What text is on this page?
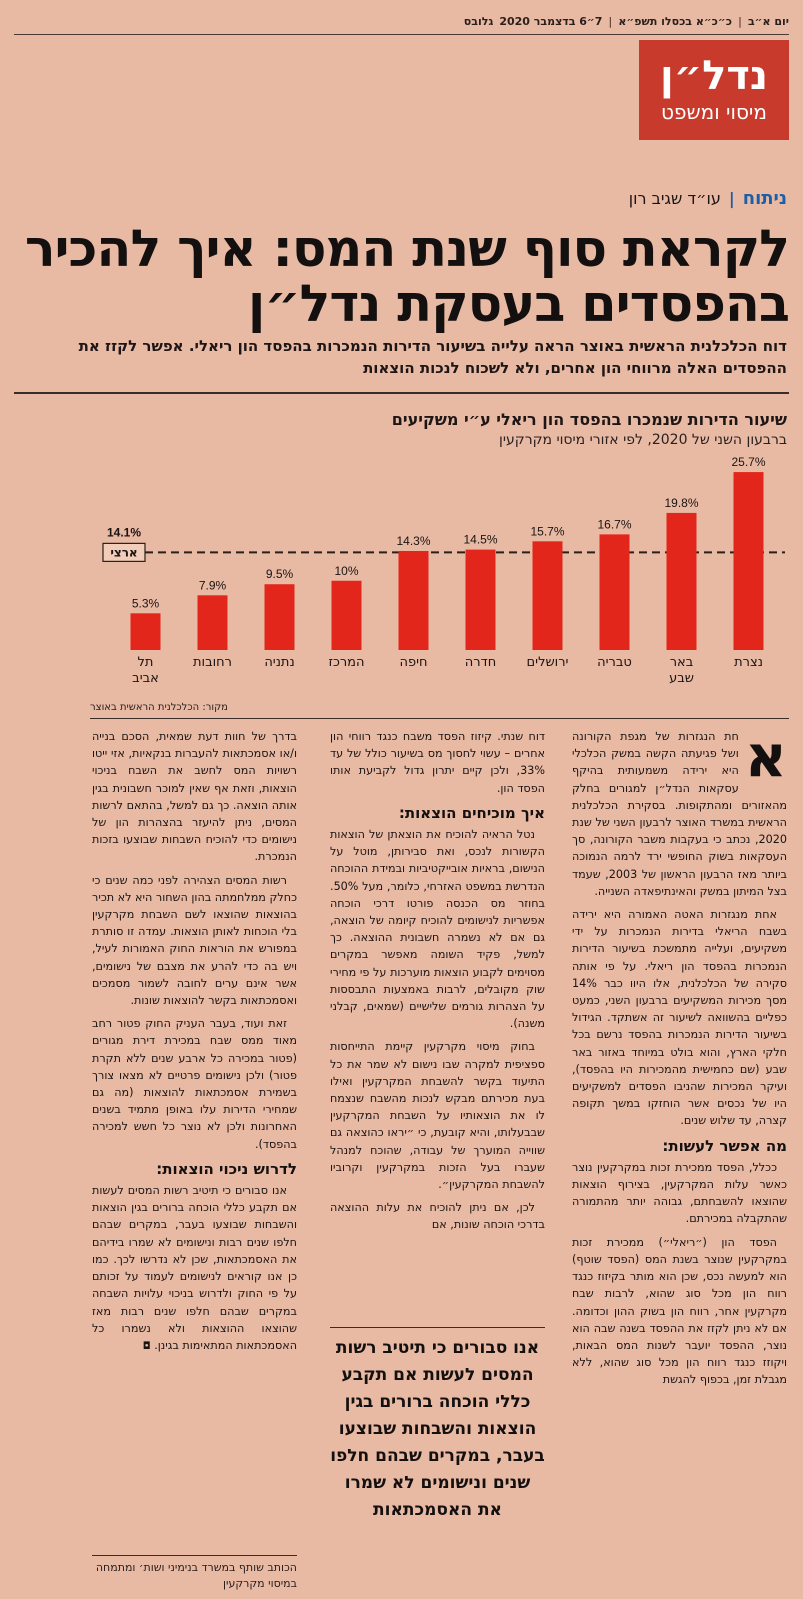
יום א״ב
|
כ״כ״א בכסלו תשפ״א
|
7״6 בדצמבר 2020
גלובס
נדל״ן
מיסוי ומשפט
ניתוח
|
עו״ד שגיב רון
לקראת סוף שנת המס: איך להכיר בהפסדים בעסקת נדל״ן
דוח הכלכלנית הראשית באוצר הראה עלייה בשיעור הדירות הנמכרות בהפסד הון ריאלי. אפשר לקזז את ההפסדים האלה מרווחי הון אחרים, ולא לשכוח לנכות הוצאות
שיעור הדירות שנמכרו בהפסד הון ריאלי ע״י משקיעים
ברבעון השני של 2020, לפי אזורי מיסוי מקרקעין
25.7%
נצרת
19.8%
באר
שבע
16.7%
טבריה
15.7%
ירושלים
14.5%
חדרה
14.3%
חיפה
10%
המרכז
9.5%
נתניה
7.9%
רחובות
5.3%
תל
אביב
ארצי
14.1%
מקור: הכלכלנית הראשית באוצר

א
חת הנגזרות של מגפת הקורונה ושל פגיעתה הקשה במשק הכלכלי היא ירידה משמעותית בהיקף עסקאות הנדל״ן למגורים בחלק מהאזורים ומהתקופות. בסקירת הכלכלנית הראשית במשרד האוצר לרבעון השני של שנת 2020, נכתב כי בעקבות משבר הקורונה, סך העסקאות בשוק החופשי ירד לרמה הנמוכה ביותר מאז הרבעון הראשון של 2003, שעמד בצל המיתון במשק והאינתיפאדה השנייה.

אחת מנגזרות האטה האמורה היא ירידה בשבח הריאלי בדירות הנמכרות על ידי משקיעים, ועלייה מתמשכת בשיעור הדירות הנמכרות בהפסד הון ריאלי. על פי אותה סקירה של הכלכלנית, אלו היוו כבר 14% מסך מכירות המשקיעים ברבעון השני, כמעט כפליים בהשוואה לשיעור זה אשתקד. הגידול בשיעור הדירות הנמכרות בהפסד נרשם בכל חלקי הארץ, והוא בולט במיוחד באזור באר שבע (שם כחמישית מהמכירות היו בהפסד), ועיקר המכירות שהניבו הפסדים למשקיעים היו של נכסים אשר הוחזקו במשך תקופה קצרה, עד שלוש שנים.

מה אפשר לעשות:

ככלל, הפסד ממכירת זכות במקרקעין נוצר כאשר עלות המקרקעין, בצירוף הוצאות שהוצאו להשבחתם, גבוהה יותר מהתמורה שהתקבלה במכירתם.

הפסד הון (״ריאלי״) ממכירת זכות במקרקעין שנוצר בשנת המס (הפסד שוטף) הוא למעשה נכס, שכן הוא מותר בקיזוז כנגד רווח הון מכל סוג שהוא, לרבות שבח מקרקעין אחר, רווח הון בשוק ההון וכדומה. אם לא ניתן לקזז את ההפסד בשנה שבה הוא נוצר, ההפסד יועבר לשנות המס הבאות, ויקוזז כנגד רווח הון מכל סוג שהוא, ללא מגבלת זמן, בכפוף להגשת

דוח שנתי. קיזוז הפסד משבח כנגד רווחי הון אחרים – עשוי לחסוך מס בשיעור כולל של עד 33%, ולכן קיים יתרון גדול לקביעת אותו הפסד הון.

איך מוכיחים הוצאות:

נטל הראיה להוכיח את הוצאתן של הוצאות הקשורות לנכס, ואת סבירותן, מוטל על הנישום, בראיות אובייקטיביות ובמידת ההוכחה הנדרשת במשפט האזרחי, כלומר, מעל 50%. בחוזר מס הכנסה פורטו דרכי הוכחה אפשריות לנישומים להוכיח קיומה של הוצאה, גם אם לא נשמרה חשבונית ההוצאה. כך למשל, פקיד השומה מאפשר במקרים מסוימים לקבוע הוצאות מוערכות על פי מחירי שוק מקובלים, לרבות באמצעות התבססות על הצהרות גורמים שלישיים (שמאים, קבלני משנה).

בחוק מיסוי מקרקעין קיימת התייחסות ספציפית למקרה שבו נישום לא שמר את כל התיעוד בקשר להשבחת המקרקעין ואילו בעת מכירתם מבקש לנכות מהשבח שנצמח לו את הוצאותיו על השבחת המקרקעין שבבעלותו, והיא קובעת, כי ״יראו כהוצאה גם שווייה המוערך של עבודה, שהוכח למנהל שעברו בעל הזכות במקרקעין וקרוביו להשבחת המקרקעין״.

לכן, אם ניתן להוכיח את עלות ההוצאה בדרכי הוכחה שונות, אם

אנו סבורים כי תיטיב רשות המסים לעשות אם תקבע כללי הוכחה ברורים בגין הוצאות והשבחות שבוצעו בעבר, במקרים שבהם חלפו שנים ונישומים לא שמרו את האסמכתאות

בדרך של חוות דעת שמאית, הסכם בנייה ו/או אסמכתאות להעברות בנקאיות, אזי ייטו רשויות המס לחשב את השבח בניכוי הוצאות, וזאת אף שאין למוכר חשבונית בגין אותה הוצאה. כך גם למשל, בהתאם לרשות המסים, ניתן להיעזר בהצהרות הון של נישומים כדי להוכיח השבחות שבוצעו בזכות הנמכרת.

רשות המסים הצהירה לפני כמה שנים כי כחלק ממלחמתה בהון השחור היא לא תכיר בהוצאות שהוצאו לשם השבחת מקרקעין בלי הוכחות לאותן הוצאות. עמדה זו סותרת במפורש את הוראות החוק האמורות לעיל, ויש בה כדי להרע את מצבם של נישומים, אשר אינם ערים לחובה לשמור מסמכים ואסמכתאות בקשר להוצאות שונות.

זאת ועוד, בעבר העניק החוק פטור רחב מאוד ממס שבח במכירת דירת מגורים (פטור במכירה כל ארבע שנים ללא תקרת פטור) ולכן נישומים פרטיים לא מצאו צורך בשמירת אסמכתאות להוצאות (מה גם שמחירי הדירות עלו באופן מתמיד בשנים האחרונות ולכן לא נוצר כל חשש למכירה בהפסד).

לדרוש ניכוי הוצאות:

אנו סבורים כי תיטיב רשות המסים לעשות אם תקבע כללי הוכחה ברורים בגין הוצאות והשבחות שבוצעו בעבר, במקרים שבהם חלפו שנים רבות ונישומים לא שמרו בידיהם את האסמכתאות, שכן לא נדרשו לכך. כמו כן אנו קוראים לנישומים לעמוד על זכותם על פי החוק ולדרוש בניכוי עלויות השבחה במקרים שבהם חלפו שנים רבות מאז שהוצאו ההוצאות ולא נשמרו כל האסמכתאות המתאימות בגינן. ◘

הכותב שותף במשרד בנימיני ושות׳ ומתמחה במיסוי מקרקעין
